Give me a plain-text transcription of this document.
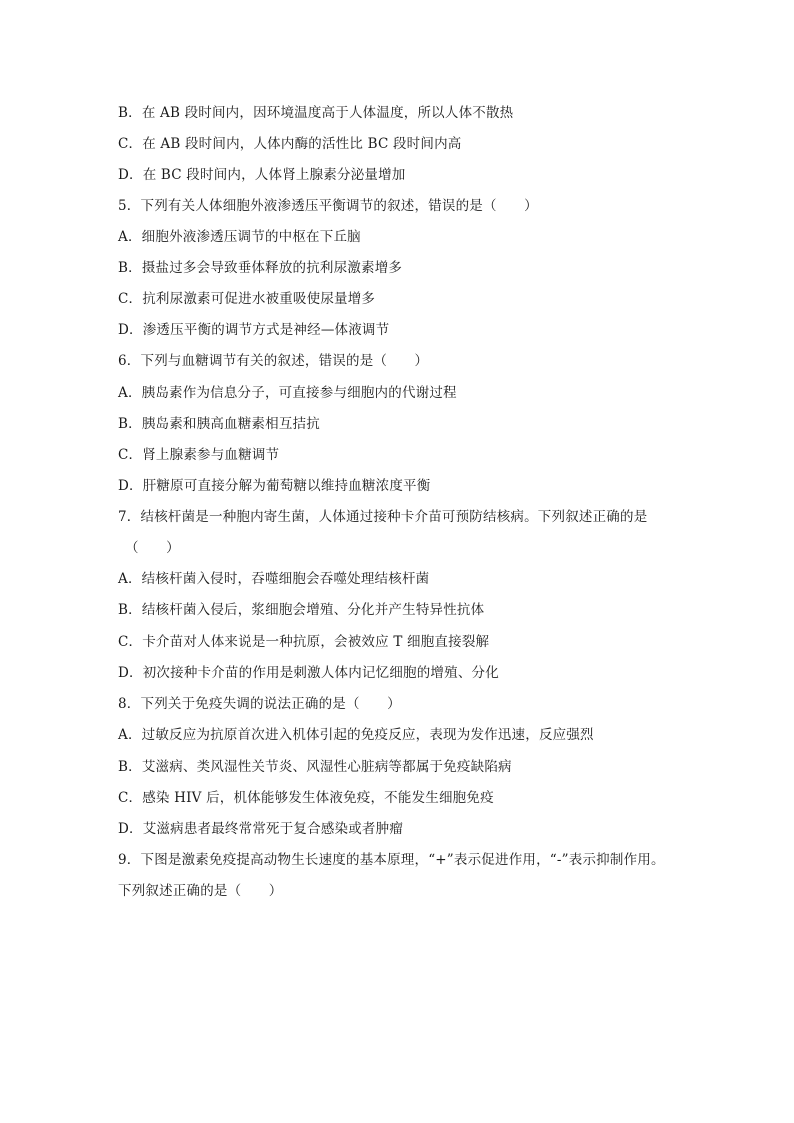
B．在 AB 段时间内，因环境温度高于人体温度，所以人体不散热
C．在 AB 段时间内，人体内酶的活性比 BC 段时间内高
D．在 BC 段时间内，人体肾上腺素分泌量增加
5．下列有关人体细胞外液渗透压平衡调节的叙述，错误的是（　　）
A．细胞外液渗透压调节的中枢在下丘脑
B．摄盐过多会导致垂体释放的抗利尿激素增多
C．抗利尿激素可促进水被重吸使尿量增多
D．渗透压平衡的调节方式是神经—体液调节
6．下列与血糖调节有关的叙述，错误的是（　　）
A．胰岛素作为信息分子，可直接参与细胞内的代谢过程
B．胰岛素和胰高血糖素相互拮抗
C．肾上腺素参与血糖调节
D．肝糖原可直接分解为葡萄糖以维持血糖浓度平衡
7．结核杆菌是一种胞内寄生菌，人体通过接种卡介苗可预防结核病。下列叙述正确的是
（　　）
A．结核杆菌入侵时，吞噬细胞会吞噬处理结核杆菌
B．结核杆菌入侵后，浆细胞会增殖、分化并产生特异性抗体
C．卡介苗对人体来说是一种抗原，会被效应 T 细胞直接裂解
D．初次接种卡介苗的作用是刺激人体内记忆细胞的增殖、分化
8．下列关于免疫失调的说法正确的是（　　）
A．过敏反应为抗原首次进入机体引起的免疫反应，表现为发作迅速，反应强烈
B．艾滋病、类风湿性关节炎、风湿性心脏病等都属于免疫缺陷病
C．感染 HIV 后，机体能够发生体液免疫，不能发生细胞免疫
D．艾滋病患者最终常常死于复合感染或者肿瘤
9．下图是激素免疫提高动物生长速度的基本原理，“+”表示促进作用，“-”表示抑制作用。
下列叙述正确的是（　　）
